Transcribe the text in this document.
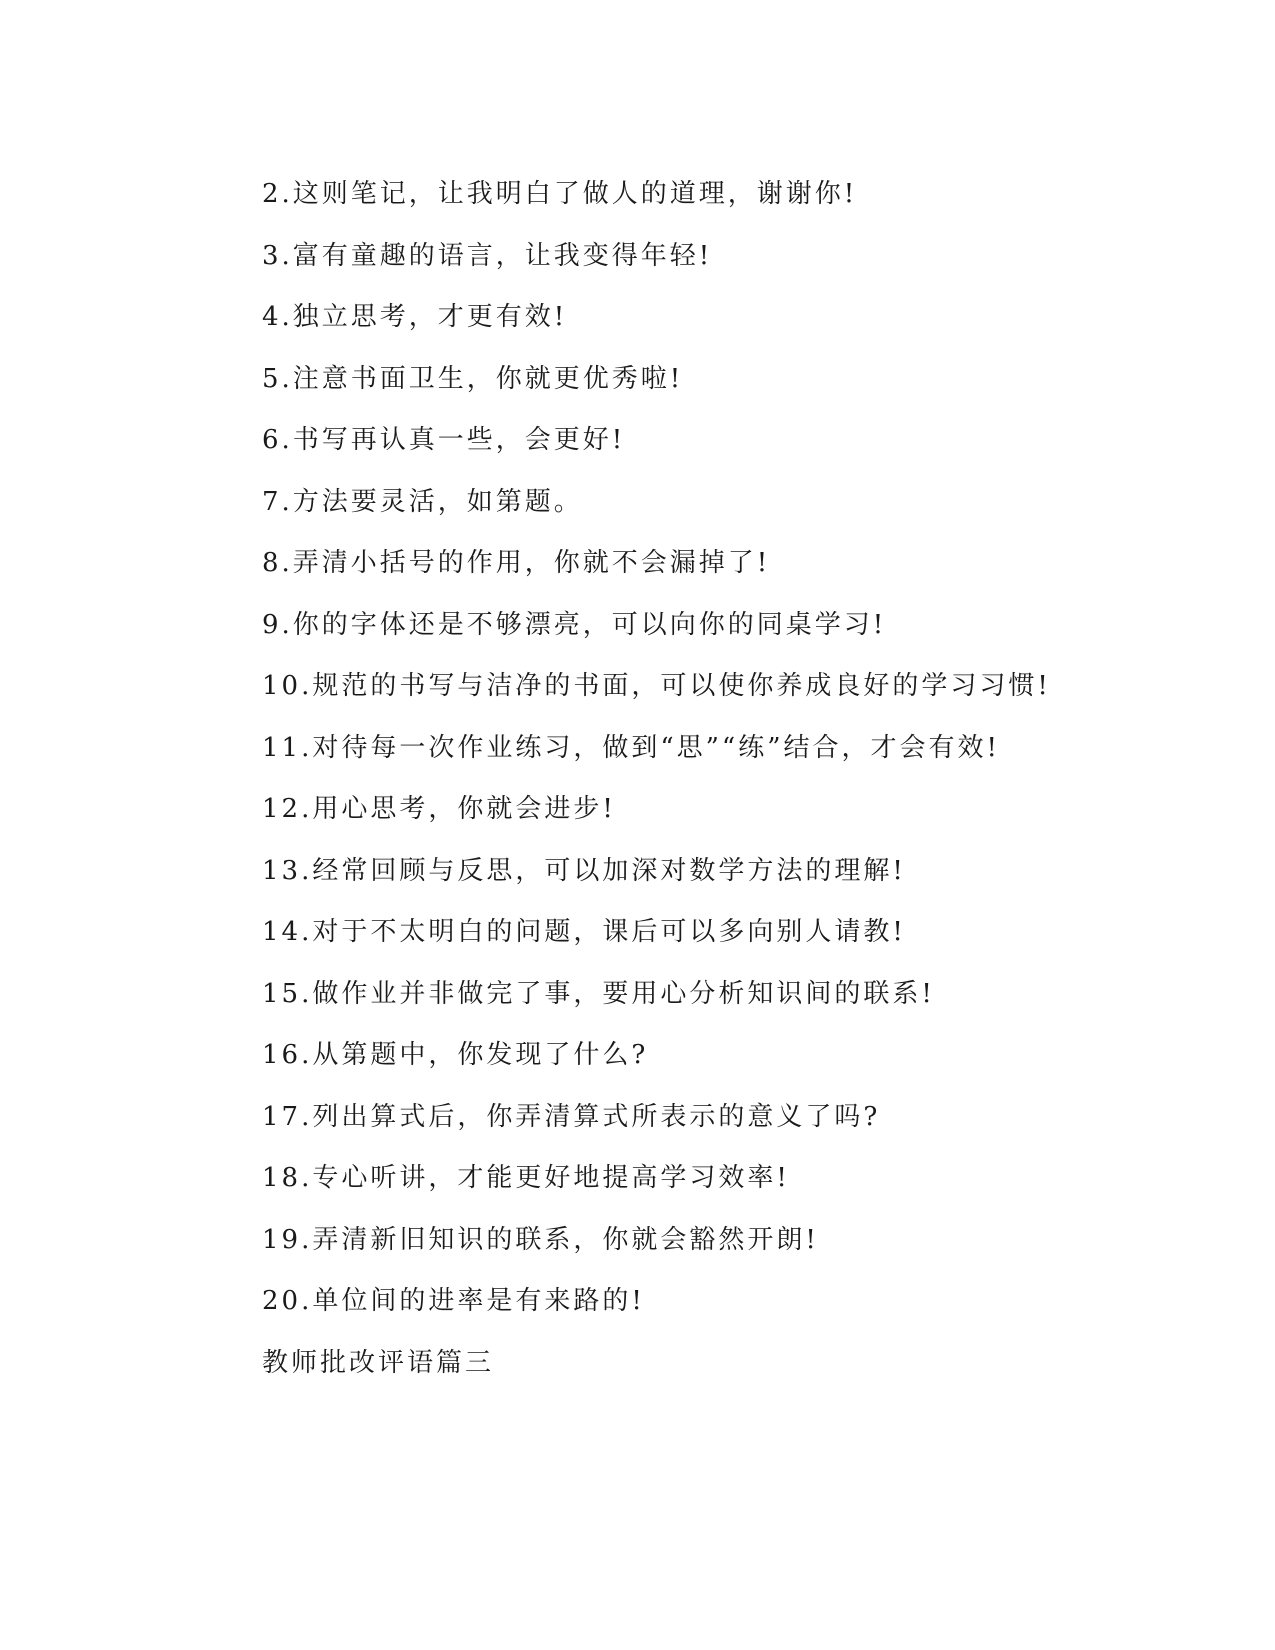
2.这则笔记，让我明白了做人的道理，谢谢你!
3.富有童趣的语言，让我变得年轻!
4.独立思考，才更有效!
5.注意书面卫生，你就更优秀啦!
6.书写再认真一些，会更好!
7.方法要灵活，如第题。
8.弄清小括号的作用，你就不会漏掉了!
9.你的字体还是不够漂亮，可以向你的同桌学习!
10.规范的书写与洁净的书面，可以使你养成良好的学习习惯!
11.对待每一次作业练习，做到“思”“练”结合，才会有效!
12.用心思考，你就会进步!
13.经常回顾与反思，可以加深对数学方法的理解!
14.对于不太明白的问题，课后可以多向别人请教!
15.做作业并非做完了事，要用心分析知识间的联系!
16.从第题中，你发现了什么?
17.列出算式后，你弄清算式所表示的意义了吗?
18.专心听讲，才能更好地提高学习效率!
19.弄清新旧知识的联系，你就会豁然开朗!
20.单位间的进率是有来路的!
教师批改评语篇三
